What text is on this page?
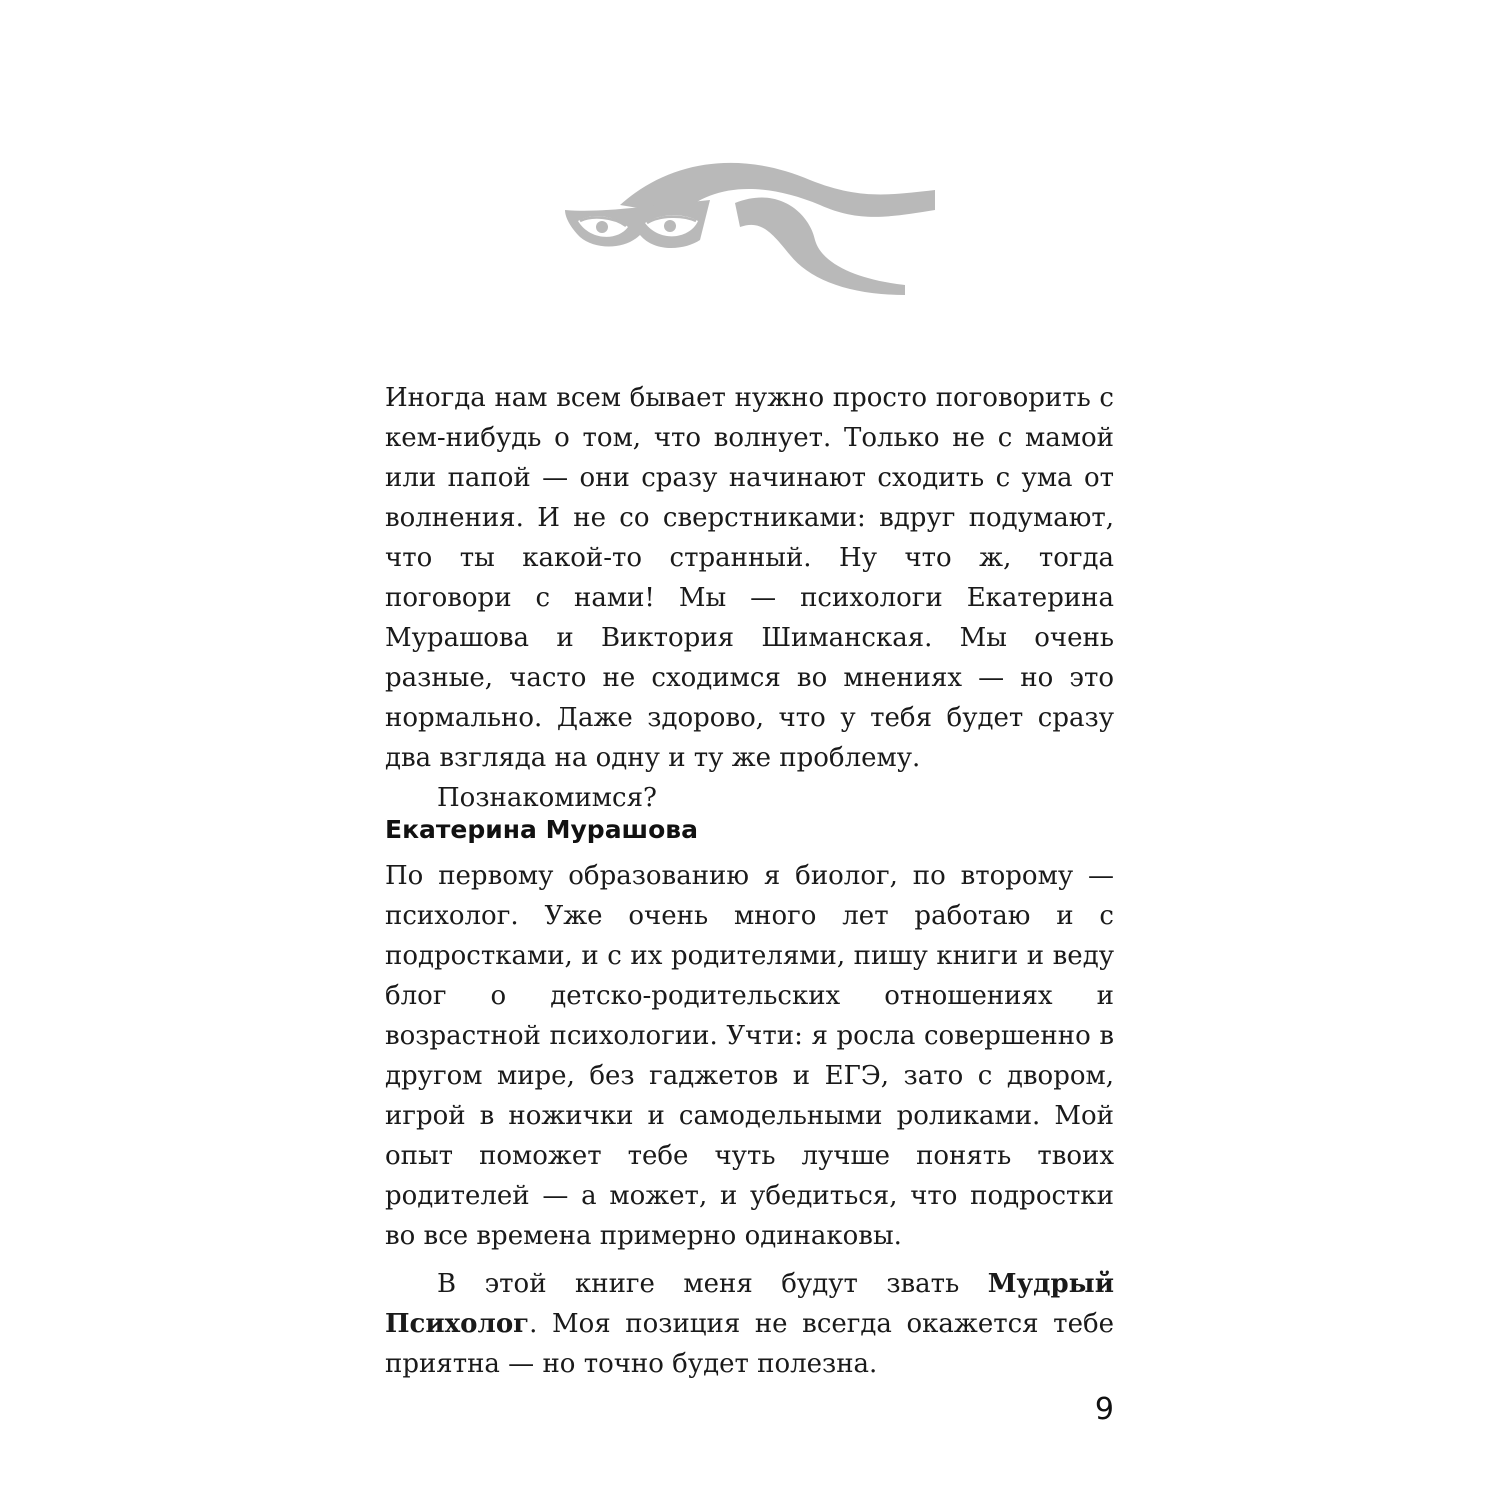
Иногда нам всем бывает нужно просто поговорить с кем-нибудь о том, что волнует. Только не с мамой или папой — они сразу начинают сходить с ума от волнения. И не со сверстниками: вдруг подумают, что ты какой-то странный. Ну что ж, тогда поговори с нами! Мы — психологи Екатерина Мурашова и Виктория Шиманская. Мы очень разные, часто не сходимся во мнениях — но это нормально. Даже здорово, что у тебя будет сразу два взгляда на одну и ту же проблему.

Познакомимся?

Екатерина Мурашова

По первому образованию я биолог, по второму — психолог. Уже очень много лет работаю и с подростками, и с их родителями, пишу книги и веду блог о детско-родительских отношениях и возрастной психологии. Учти: я росла совершенно в другом мире, без гаджетов и ЕГЭ, зато с двором, игрой в ножички и самодельными роликами. Мой опыт поможет тебе чуть лучше понять твоих родителей — а может, и убедиться, что подростки во все времена примерно одинаковы.

В этой книге меня будут звать Мудрый Психолог. Моя позиция не всегда окажется тебе приятна — но точно будет полезна.

9
